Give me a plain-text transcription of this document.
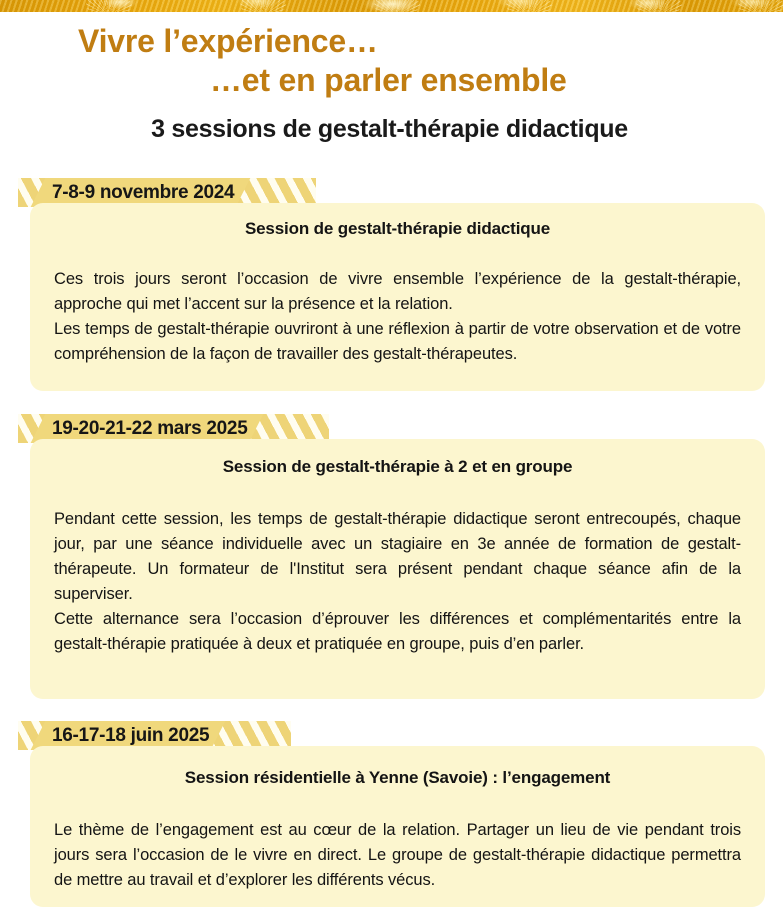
Vivre l’expérience…
…et en parler ensemble
3 sessions de gestalt-thérapie didactique
7-8-9 novembre 2024
Session de gestalt-thérapie didactique

Ces trois jours seront l’occasion de vivre ensemble l’expérience de la gestalt-thérapie, approche qui met l’accent sur la présence et la relation.

Les temps de gestalt-thérapie ouvriront à une réflexion à partir de votre observation et de votre compréhension de la façon de travailler des gestalt-thérapeutes.

19-20-21-22 mars 2025
Session de gestalt-thérapie à 2 et en groupe

Pendant cette session, les temps de gestalt-thérapie didactique seront entrecoupés, chaque jour, par une séance individuelle avec un stagiaire en 3e année de formation de gestalt-thérapeute. Un formateur de l'Institut sera présent pendant chaque séance afin de la superviser.

Cette alternance sera l’occasion d’éprouver les différences et complémentarités entre la gestalt-thérapie pratiquée à deux et pratiquée en groupe, puis d’en parler.

16-17-18 juin 2025
Session résidentielle à Yenne (Savoie) : l’engagement

Le thème de l’engagement est au cœur de la relation. Partager un lieu de vie pendant trois jours sera l’occasion de le vivre en direct. Le groupe de gestalt-thérapie didactique permettra de mettre au travail et d’explorer les différents vécus.
